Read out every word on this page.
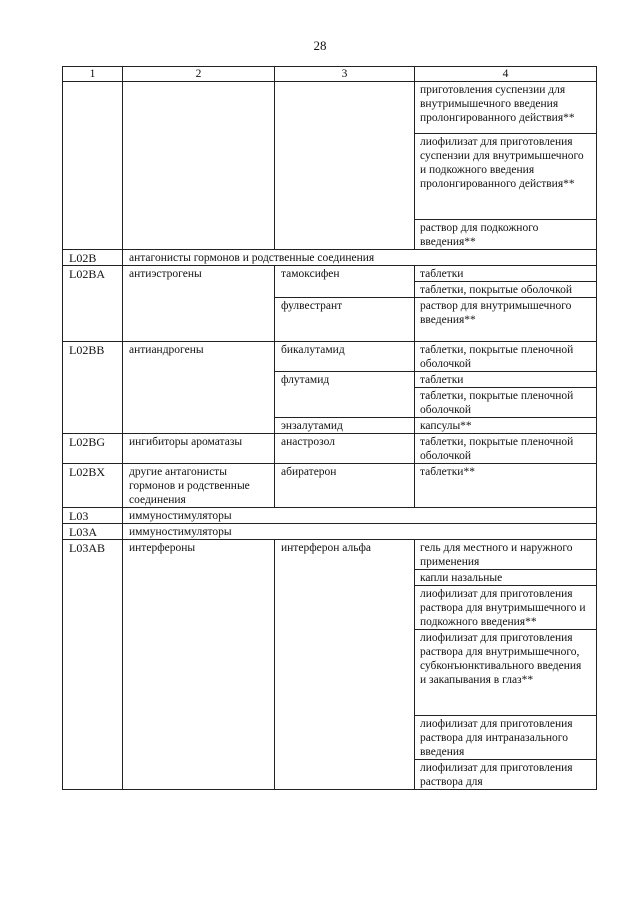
28
1	2	3	4
			приготовления суспензии для внутримышечного введения пролонгированного действия**
			лиофилизат для приготовления суспензии для внутримышечного и подкожного введения пролонгированного действия**
			раствор для подкожного введения**
L02B	антагонисты гормонов и родственные соединения		
L02BA	антиэстрогены	тамоксифен	таблетки
			таблетки, покрытые оболочкой
		фулвестрант	раствор для внутримышечного введения**
L02BB	антиандрогены	бикалутамид	таблетки, покрытые пленочной оболочкой
		флутамид	таблетки
			таблетки, покрытые пленочной оболочкой
		энзалутамид	капсулы**
L02BG	ингибиторы ароматазы	анастрозол	таблетки, покрытые пленочной оболочкой
L02BX	другие антагонисты гормонов и родственные соединения	абиратерон	таблетки**
L03	иммуностимуляторы		
L03A	иммуностимуляторы		
L03AB	интерфероны	интерферон альфа	гель для местного и наружного применения
			капли назальные
			лиофилизат для приготовления раствора для внутримышечного и подкожного введения**
			лиофилизат для приготовления раствора для внутримышечного, субконъюнктивального введения и закапывания в глаз**
			лиофилизат для приготовления раствора для интраназального введения
			лиофилизат для приготовления раствора для
